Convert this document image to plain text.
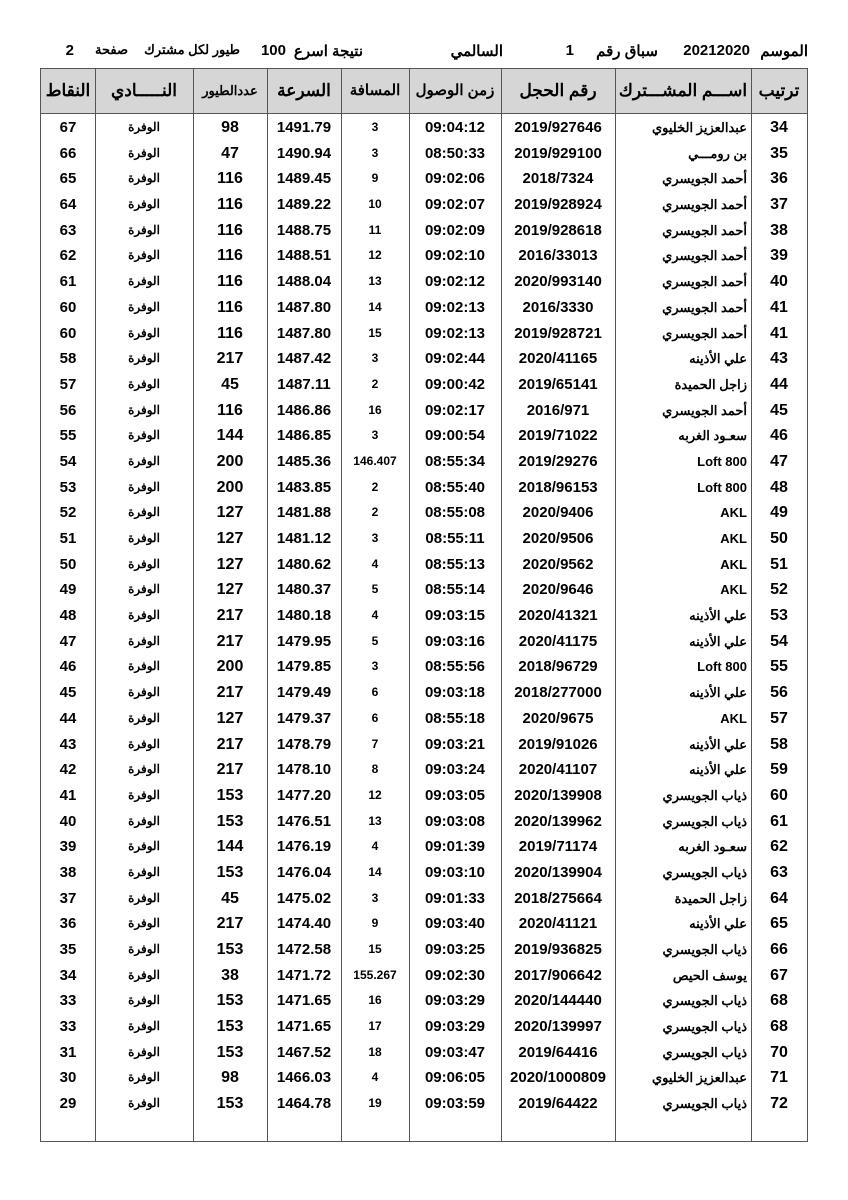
الموسم
20212020
سباق رقم
1
السالمي
نتيجة اسرع
100
طيور لكل مشترك
صفحة
2
النقاط	النـــــادي	عددالطيور	السرعة	المسافة	زمن الوصول	رقم الحجل	اســـم المشـــترك ترتيب
67	الوفرة	98	1491.79	3	09:04:12	2019/927646	عبدالعزيز الخليوي	34
66	الوفرة	47	1490.94	3	08:50:33	2019/929100	بن رومـــي	35
65	الوفرة	116	1489.45	9	09:02:06	2018/7324	أحمد الجويسري	36
64	الوفرة	116	1489.22	10	09:02:07	2019/928924	أحمد الجويسري	37
63	الوفرة	116	1488.75	11	09:02:09	2019/928618	أحمد الجويسري	38
62	الوفرة	116	1488.51	12	09:02:10	2016/33013	أحمد الجويسري	39
61	الوفرة	116	1488.04	13	09:02:12	2020/993140	أحمد الجويسري	40
60	الوفرة	116	1487.80	14	09:02:13	2016/3330	أحمد الجويسري	41
60	الوفرة	116	1487.80	15	09:02:13	2019/928721	أحمد الجويسري	41
58	الوفرة	217	1487.42	3	09:02:44	2020/41165	علي الأذينه	43
57	الوفرة	45	1487.11	2	09:00:42	2019/65141	زاجل الحميدة	44
56	الوفرة	116	1486.86	16	09:02:17	2016/971	أحمد الجويسري	45
55	الوفرة	144	1486.85	3	09:00:54	2019/71022	سعـود الغربه	46
54	الوفرة	200	1485.36	146.407	08:55:34	2019/29276	Loft 800	47
53	الوفرة	200	1483.85	2	08:55:40	2018/96153	Loft 800	48
52	الوفرة	127	1481.88	2	08:55:08	2020/9406	AKL	49
51	الوفرة	127	1481.12	3	08:55:11	2020/9506	AKL	50
50	الوفرة	127	1480.62	4	08:55:13	2020/9562	AKL	51
49	الوفرة	127	1480.37	5	08:55:14	2020/9646	AKL	52
48	الوفرة	217	1480.18	4	09:03:15	2020/41321	علي الأذينه	53
47	الوفرة	217	1479.95	5	09:03:16	2020/41175	علي الأذينه	54
46	الوفرة	200	1479.85	3	08:55:56	2018/96729	Loft 800	55
45	الوفرة	217	1479.49	6	09:03:18	2018/277000	علي الأذينه	56
44	الوفرة	127	1479.37	6	08:55:18	2020/9675	AKL	57
43	الوفرة	217	1478.79	7	09:03:21	2019/91026	علي الأذينه	58
42	الوفرة	217	1478.10	8	09:03:24	2020/41107	علي الأذينه	59
41	الوفرة	153	1477.20	12	09:03:05	2020/139908	ذياب الجويسري	60
40	الوفرة	153	1476.51	13	09:03:08	2020/139962	ذياب الجويسري	61
39	الوفرة	144	1476.19	4	09:01:39	2019/71174	سعـود الغربه	62
38	الوفرة	153	1476.04	14	09:03:10	2020/139904	ذياب الجويسري	63
37	الوفرة	45	1475.02	3	09:01:33	2018/275664	زاجل الحميدة	64
36	الوفرة	217	1474.40	9	09:03:40	2020/41121	علي الأذينه	65
35	الوفرة	153	1472.58	15	09:03:25	2019/936825	ذياب الجويسري	66
34	الوفرة	38	1471.72	155.267	09:02:30	2017/906642	يوسف الحيص	67
33	الوفرة	153	1471.65	16	09:03:29	2020/144440	ذياب الجويسري	68
33	الوفرة	153	1471.65	17	09:03:29	2020/139997	ذياب الجويسري	68
31	الوفرة	153	1467.52	18	09:03:47	2019/64416	ذياب الجويسري	70
30	الوفرة	98	1466.03	4	09:06:05	2020/1000809	عبدالعزيز الخليوي	71
29	الوفرة	153	1464.78	19	09:03:59	2019/64422	ذياب الجويسري	72
